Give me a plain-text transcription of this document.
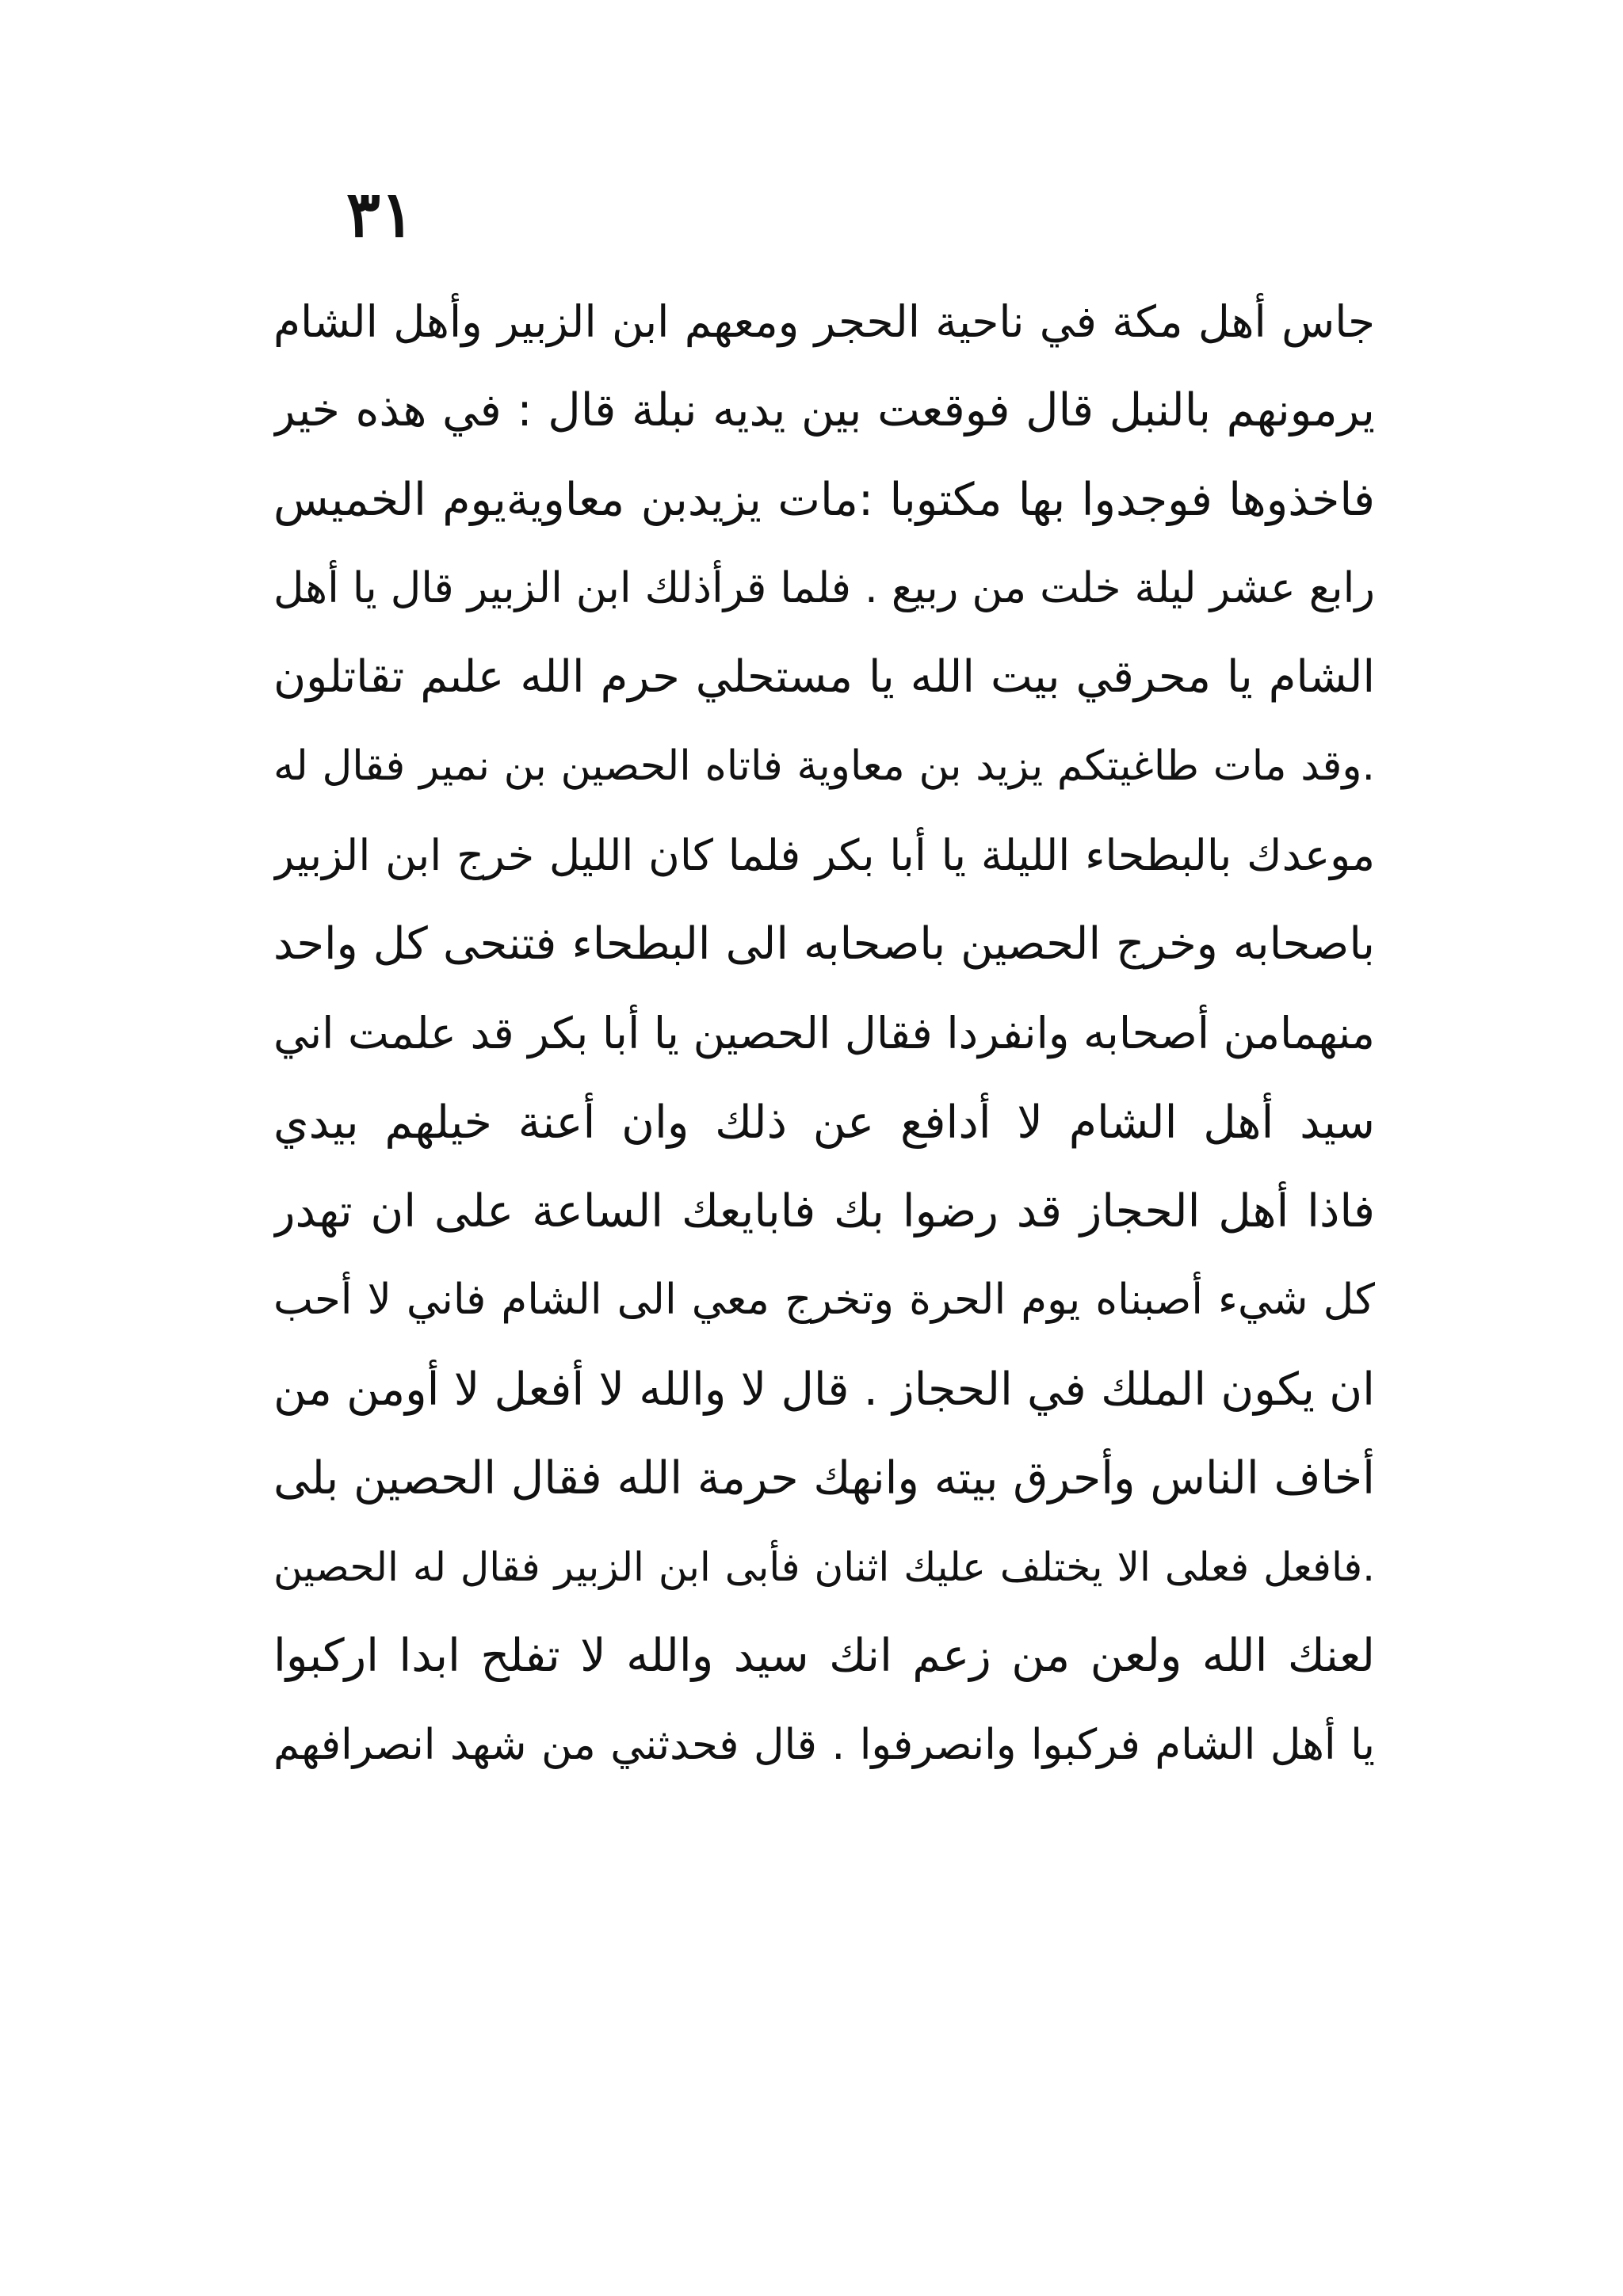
٣١
جاس أهل مكة في ناحية الحجر ومعهم ابن الزبير وأهل الشام
يرمونهم بالنبل قال فوقعت بين يديه نبلة قال : في هذه خير
فاخذوها فوجدوا بها مكتوبا :مات يزيدبن معاويةيوم الخميس
رابع عشر ليلة خلت من ربيع . فلما قرأذلك ابن الزبير قال يا أهل
الشام يا محرقي بيت الله يا مستحلي حرم الله علىم تقاتلون
.وقد مات طاغيتكم يزيد بن معاوية فاتاه الحصين بن نمير فقال له
موعدك بالبطحاء الليلة يا أبا بكر فلما كان الليل خرج ابن الزبير
باصحابه وخرج الحصين باصحابه الى البطحاء فتنحى كل واحد
منهمامن أصحابه وانفردا فقال الحصين يا أبا بكر قد علمت اني
سيد أهل الشام لا أدافع عن ذلك وان أعنة خيلهم بيدي
فاذا أهل الحجاز قد رضوا بك فابايعك الساعة على ان تهدر
كل شيء أصبناه يوم الحرة وتخرج معي الى الشام فاني لا أحب
ان يكون الملك في الحجاز . قال لا والله لا أفعل لا أومن من
أخاف الناس وأحرق بيته وانهك حرمة الله فقال الحصين بلى
.فافعل فعلى الا يختلف عليك اثنان فأبى ابن الزبير فقال له الحصين
لعنك الله ولعن من زعم انك سيد والله لا تفلح ابدا اركبوا
يا أهل الشام فركبوا وانصرفوا . قال فحدثني من شهد انصرافهم
